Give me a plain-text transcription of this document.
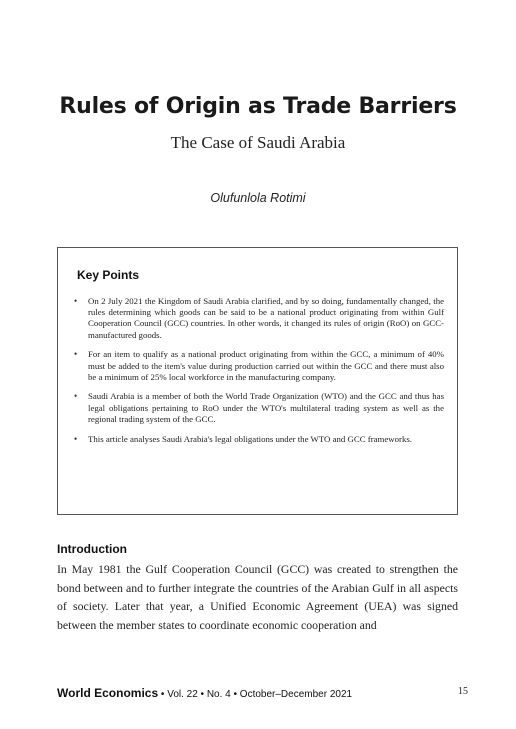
Rules of Origin as Trade Barriers
The Case of Saudi Arabia
Olufunlola Rotimi
Key Points
• On 2 July 2021 the Kingdom of Saudi Arabia clarified, and by so doing, fundamentally changed, the rules determining which goods can be said to be a national product originating from within Gulf Cooperation Council (GCC) countries. In other words, it changed its rules of origin (RoO) on GCC-manufactured goods.
• For an item to qualify as a national product originating from within the GCC, a minimum of 40% must be added to the item's value during production carried out within the GCC and there must also be a minimum of 25% local workforce in the manufacturing company.
• Saudi Arabia is a member of both the World Trade Organization (WTO) and the GCC and thus has legal obligations pertaining to RoO under the WTO's multilateral trading system as well as the regional trading system of the GCC.
• This article analyses Saudi Arabia's legal obligations under the WTO and GCC frameworks.
Introduction

In May 1981 the Gulf Cooperation Council (GCC) was created to strengthen the bond between and to further integrate the countries of the Arabian Gulf in all aspects of society. Later that year, a Unified Economic Agreement (UEA) was signed between the member states to coordinate economic cooperation and

World Economics • Vol. 22 • No. 4 • October–December 2021	15
